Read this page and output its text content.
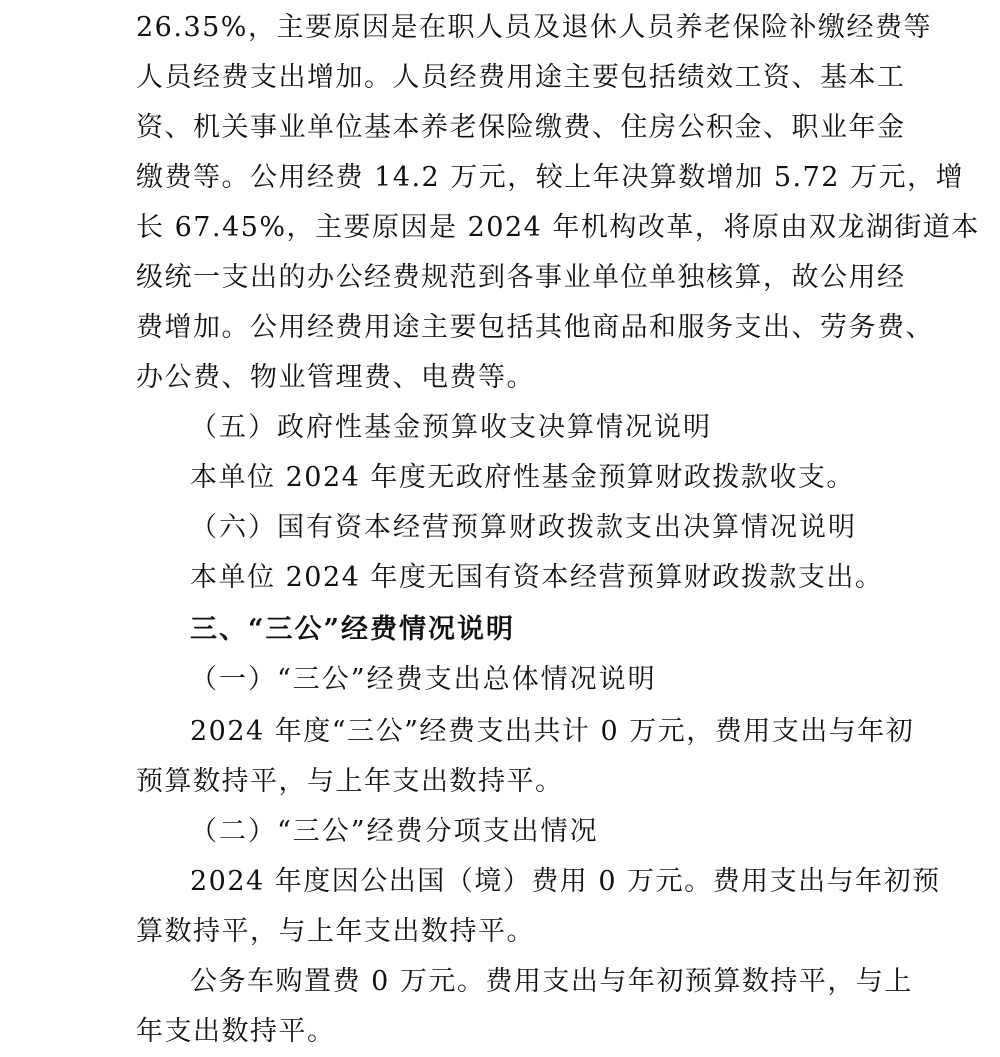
26.35%，主要原因是在职人员及退休人员养老保险补缴经费等
人员经费支出增加。人员经费用途主要包括绩效工资、基本工
资、机关事业单位基本养老保险缴费、住房公积金、职业年金
缴费等。公用经费 14.2 万元，较上年决算数增加 5.72 万元，增
长 67.45%，主要原因是 2024 年机构改革，将原由双龙湖街道本
级统一支出的办公经费规范到各事业单位单独核算，故公用经
费增加。公用经费用途主要包括其他商品和服务支出、劳务费、
办公费、物业管理费、电费等。
（五）政府性基金预算收支决算情况说明
本单位 2024 年度无政府性基金预算财政拨款收支。
（六）国有资本经营预算财政拨款支出决算情况说明
本单位 2024 年度无国有资本经营预算财政拨款支出。
三、“三公”经费情况说明
（一）“三公”经费支出总体情况说明
2024 年度“三公”经费支出共计 0 万元，费用支出与年初
预算数持平，与上年支出数持平。
（二）“三公”经费分项支出情况
2024 年度因公出国（境）费用 0 万元。费用支出与年初预
算数持平，与上年支出数持平。
公务车购置费 0 万元。费用支出与年初预算数持平，与上
年支出数持平。
